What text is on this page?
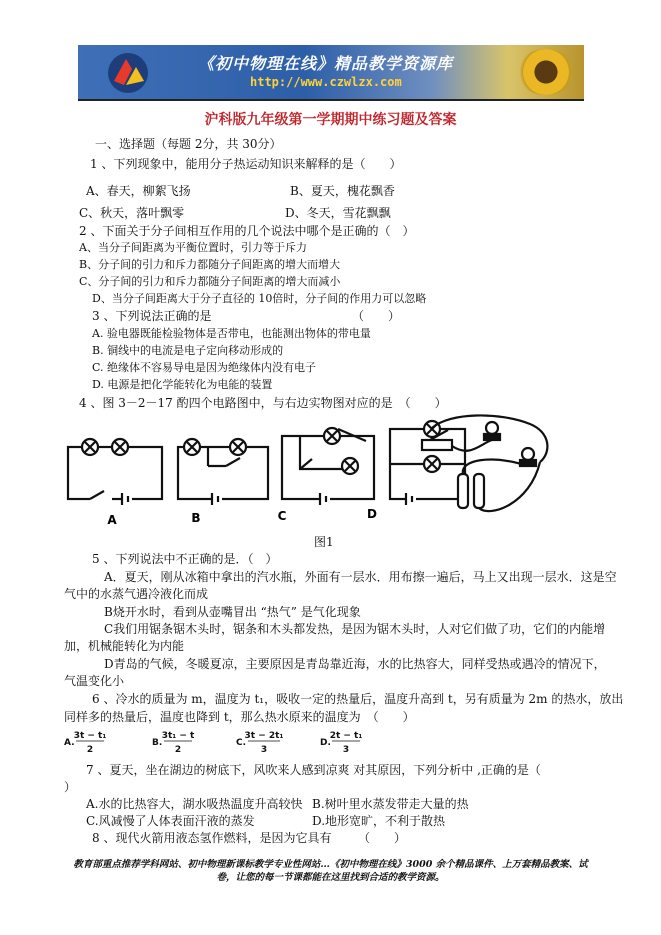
《初中物理在线》精品教学资源库
http://www.czwlzx.com
沪科版九年级第一学期期中练习题及答案
一、选择题（每题 2分，共 30分）
1 、下列现象中，能用分子热运动知识来解释的是（　　）
A、春天，柳絮飞扬	B、夏天，槐花飘香
C、秋天，落叶飘零	D、冬天，雪花飘飘
2 、下面关于分子间相互作用的几个说法中哪个是正确的（　）
A、当分子间距离为平衡位置时，引力等于斥力
B、分子间的引力和斥力都随分子间距离的增大而增大
C、分子间的引力和斥力都随分子间距离的增大而减小
D、当分子间距离大于分子直径的 10倍时，分子间的作用力可以忽略
3 、下列说法正确的是	（　　）
A. 验电器既能检验物体是否带电，也能测出物体的带电量
B. 铜线中的电流是电子定向移动形成的
C. 绝缘体不容易导电是因为绝缘体内没有电子
D. 电源是把化学能转化为电能的装置
4 、图 3－2－17 酌四个电路图中，与右边实物图对应的是　（　　）
A	B	C	D
图1
5 、下列说法中不正确的是．（　）
A．夏天，刚从冰箱中拿出的汽水瓶，外面有一层水．用布擦一遍后，马上又出现一层水．这是空
气中的水蒸气遇冷液化而成
B烧开水时，看到从壶嘴冒出 “热气” 是气化现象
C我们用锯条锯木头时，锯条和木头都发热，是因为锯木头时，人对它们做了功，它们的内能增
加，机械能转化为内能
D青岛的气候，冬暖夏凉，主要原因是青岛靠近海，水的比热容大，同样受热或遇冷的情况下，
气温变化小
6 、冷水的质量为 m，温度为 t₁，吸收一定的热量后，温度升高到 t，另有质量为 2m 的热水，放出
同样多的热量后，温度也降到 t，那么热水原来的温度为　（　　）
A.
3t − t₁
2
B.
3t₁ − t
2
C.
3t − 2t₁
3
D.
2t − t₁
3
7 、夏天，坐在湖边的树底下，风吹来人感到凉爽 对其原因，下列分析中 ,正确的是（
）
A.水的比热容大，湖水吸热温度升高较快 B.树叶里水蒸发带走大量的热
C.风减慢了人体表面汗液的蒸发	D.地形宽旷，不利于散热
8 、现代火箭用液态氢作燃料，是因为它具有 （　　）
教育部重点推荐学科网站、初中物理新课标教学专业性网站…《初中物理在线》3000 余个精品课件、上万套精品教案、试
卷，让您的每一节课都能在这里找到合适的教学资源。
